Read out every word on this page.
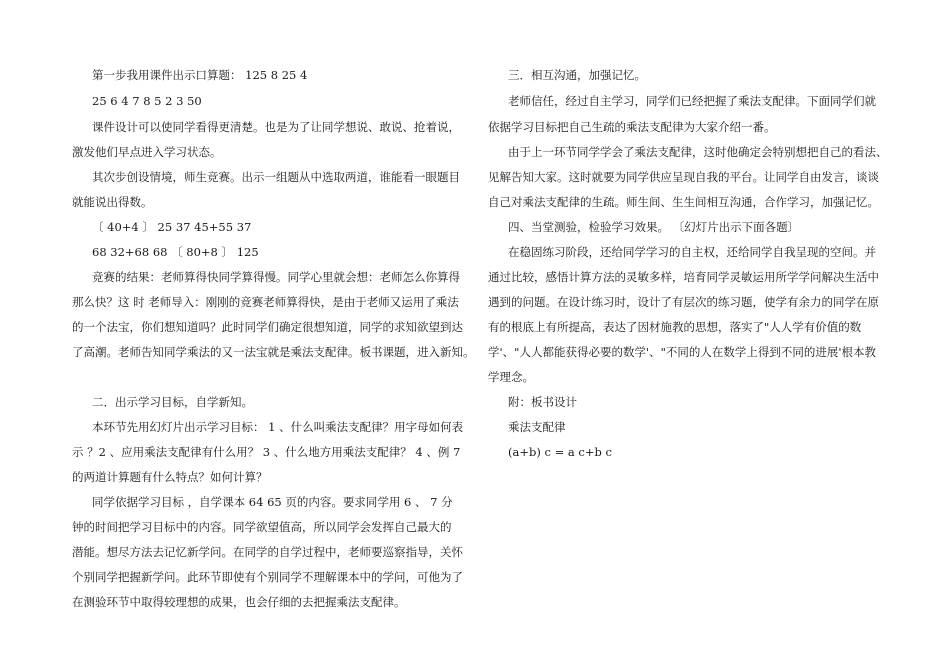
第一步我用课件出示口算题： 125 8 25 4
25 6 4 7 8 5 2 3 50
课件设计可以使同学看得更清楚。也是为了让同学想说、敢说、抢着说，
激发他们早点进入学习状态。
其次步创设情境，师生竞赛。出示一组题从中选取两道，谁能看一眼题目
就能说出得数。
〔 40+4 〕 25 37 45+55 37
68 32+68 68 〔 80+8 〕 125
竞赛的结果：老师算得快同学算得慢。同学心里就会想：老师怎么你算得
那么快？这 时 老师导入：刚刚的竞赛老师算得快，是由于老师又运用了乘法
的一个法宝，你们想知道吗？此时同学们确定很想知道，同学的求知欲望到达
了高潮。老师告知同学乘法的又一法宝就是乘法支配律。板书课题，进入新知。
二．出示学习目标，自学新知。
本环节先用幻灯片出示学习目标： 1 、什么叫乘法支配律？用字母如何表
示 ？2 、应用乘法支配律有什么用？ 3 、什么地方用乘法支配律？ 4 、例 7
的两道计算题有什么特点？如何计算？
同学依据学习目标 ，自学课本 64 65 页的内容。要求同学用 6 、 7 分
钟的时间把学习目标中的内容。同学欲望值高，所以同学会发挥自己最大的
潜能。想尽方法去记忆新学问。在同学的自学过程中，老师要巡察指导，关怀
个别同学把握新学问。此环节即使有个别同学不理解课本中的学问，可他为了
在测验环节中取得较理想的成果，也会仔细的去把握乘法支配律。
三．相互沟通，加强记忆。
老师信任，经过自主学习，同学们已经把握了乘法支配律。下面同学们就
依据学习目标把自己生疏的乘法支配律为大家介绍一番。
由于上一环节同学学会了乘法支配律，这时他确定会特别想把自己的看法、
见解告知大家。这时就要为同学供应呈现自我的平台。让同学自由发言，谈谈
自己对乘法支配律的生疏。师生间、生生间相互沟通，合作学习，加强记忆。
四、当堂测验，检验学习效果。 〔幻灯片出示下面各题〕
在稳固练习阶段，还给同学学习的自主权，还给同学自我呈现的空间。并
通过比较，感悟计算方法的灵敏多样，培育同学灵敏运用所学学问解决生活中
遇到的问题。在设计练习时，设计了有层次的练习题，使学有余力的同学在原
有的根底上有所提高，表达了因材施教的思想，落实了"人人学有价值的数
学'、"人人都能获得必要的数学'、"不同的人在数学上得到不同的进展'根本教
学理念。
附：板书设计
乘法支配律
(a+b) c = a c+b c
